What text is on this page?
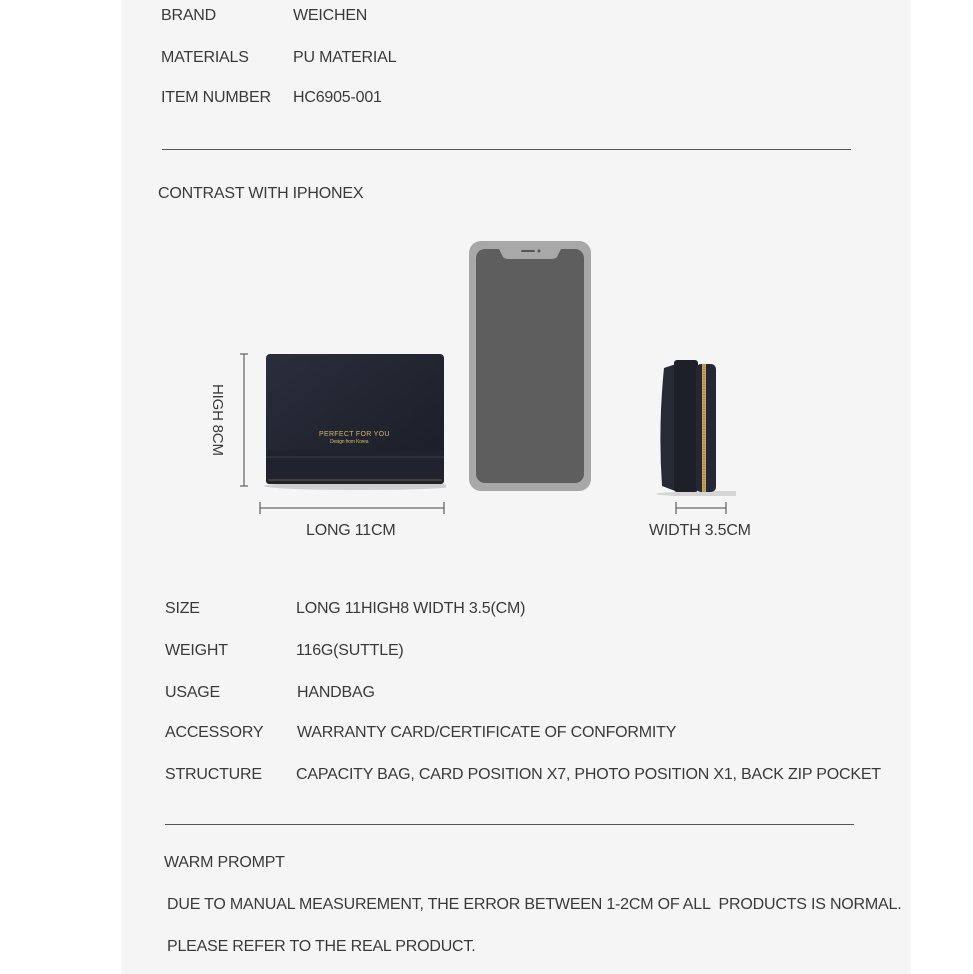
BRAND	WEICHEN
MATERIALS	PU MATERIAL
ITEM NUMBER HC6905-001
CONTRAST WITH IPHONEX
PERFECT FOR YOU
Design from Korea
HIGH 8CM
LONG 11CM	WIDTH 3.5CM
SIZE	LONG 11HIGH8 WIDTH 3.5(CM)
WEIGHT	116G(SUTTLE)
USAGE	HANDBAG
ACCESSORY WARRANTY CARD/CERTIFICATE OF CONFORMITY
STRUCTURE CAPACITY BAG, CARD POSITION X7, PHOTO POSITION X1, BACK ZIP POCKET
WARM PROMPT
DUE TO MANUAL MEASUREMENT, THE ERROR BETWEEN 1-2CM OF ALL  PRODUCTS IS NORMAL.
PLEASE REFER TO THE REAL PRODUCT.
